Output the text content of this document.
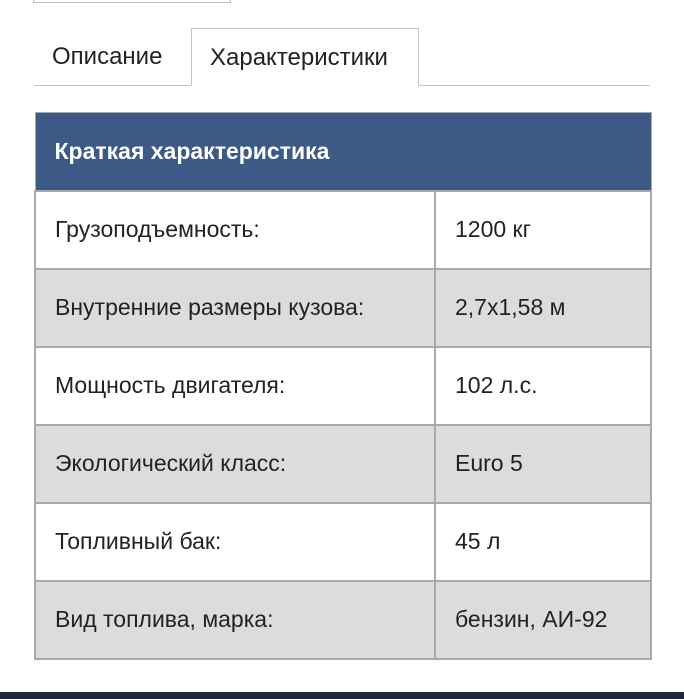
Описание	Характеристики
Краткая характеристика	
Грузоподъемность:	1200 кг
Внутренние размеры кузова:	2,7х1,58 м
Мощность двигателя:	102 л.с.
Экологический класс:	Euro 5
Топливный бак:	45 л
Вид топлива, марка:	бензин, АИ-92
